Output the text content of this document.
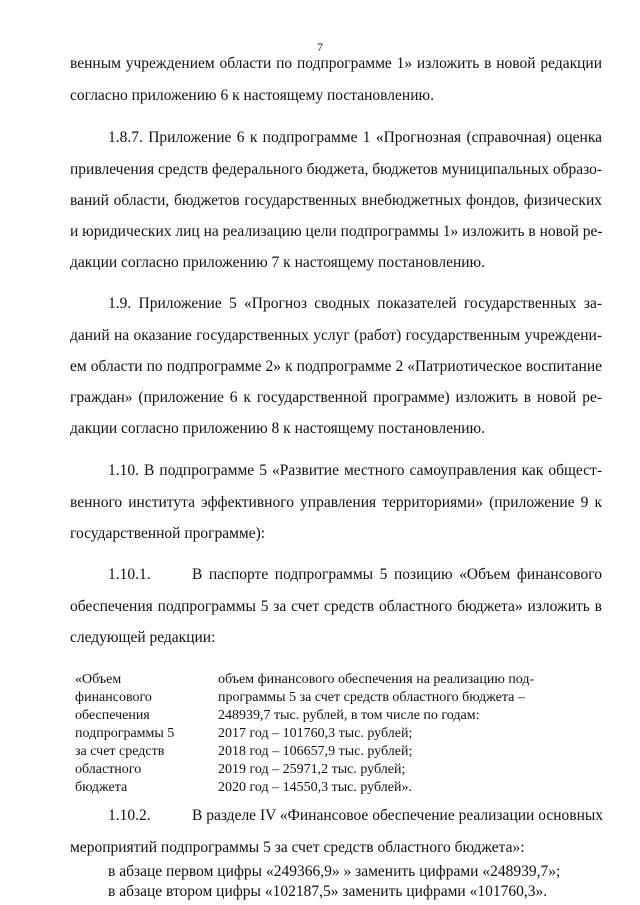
7
венным учреждением области по подпрограмме 1» изложить в новой редакции
согласно приложению 6 к настоящему постановлению.
1.8.7. Приложение 6 к подпрограмме 1 «Прогнозная (справочная) оценка
привлечения средств федерального бюджета, бюджетов муниципальных образо-
ваний области, бюджетов государственных внебюджетных фондов, физических
и юридических лиц на реализацию цели подпрограммы 1» изложить в новой ре-
дакции согласно приложению 7 к настоящему постановлению.
1.9. Приложение 5 «Прогноз сводных показателей государственных за-
даний на оказание государственных услуг (работ) государственным учреждени-
ем области по подпрограмме 2» к подпрограмме 2 «Патриотическое воспитание
граждан» (приложение 6 к государственной программе) изложить в новой ре-
дакции согласно приложению 8 к настоящему постановлению.
1.10. В подпрограмме 5 «Развитие местного самоуправления как общест-
венного института эффективного управления территориями» (приложение 9 к
государственной программе):
1.10.1.	В паспорте подпрограммы 5 позицию «Объем финансового
обеспечения подпрограммы 5 за счет средств областного бюджета» изложить в
следующей редакции:
«Объем
финансового
обеспечения
подпрограммы 5
за счет средств
областного
бюджета
объем финансового обеспечения на реализацию под-
программы 5 за счет средств областного бюджета –
248939,7 тыс. рублей, в том числе по годам:
2017 год – 101760,3 тыс. рублей;
2018 год – 106657,9 тыс. рублей;
2019 год – 25971,2 тыс. рублей;
2020 год – 14550,3 тыс. рублей».
1.10.2.	В разделе IV «Финансовое обеспечение реализации основных
мероприятий подпрограммы 5 за счет средств областного бюджета»:
в абзаце первом цифры «249366,9» » заменить цифрами «248939,7»;
в абзаце втором цифры «102187,5» заменить цифрами «101760,3».
